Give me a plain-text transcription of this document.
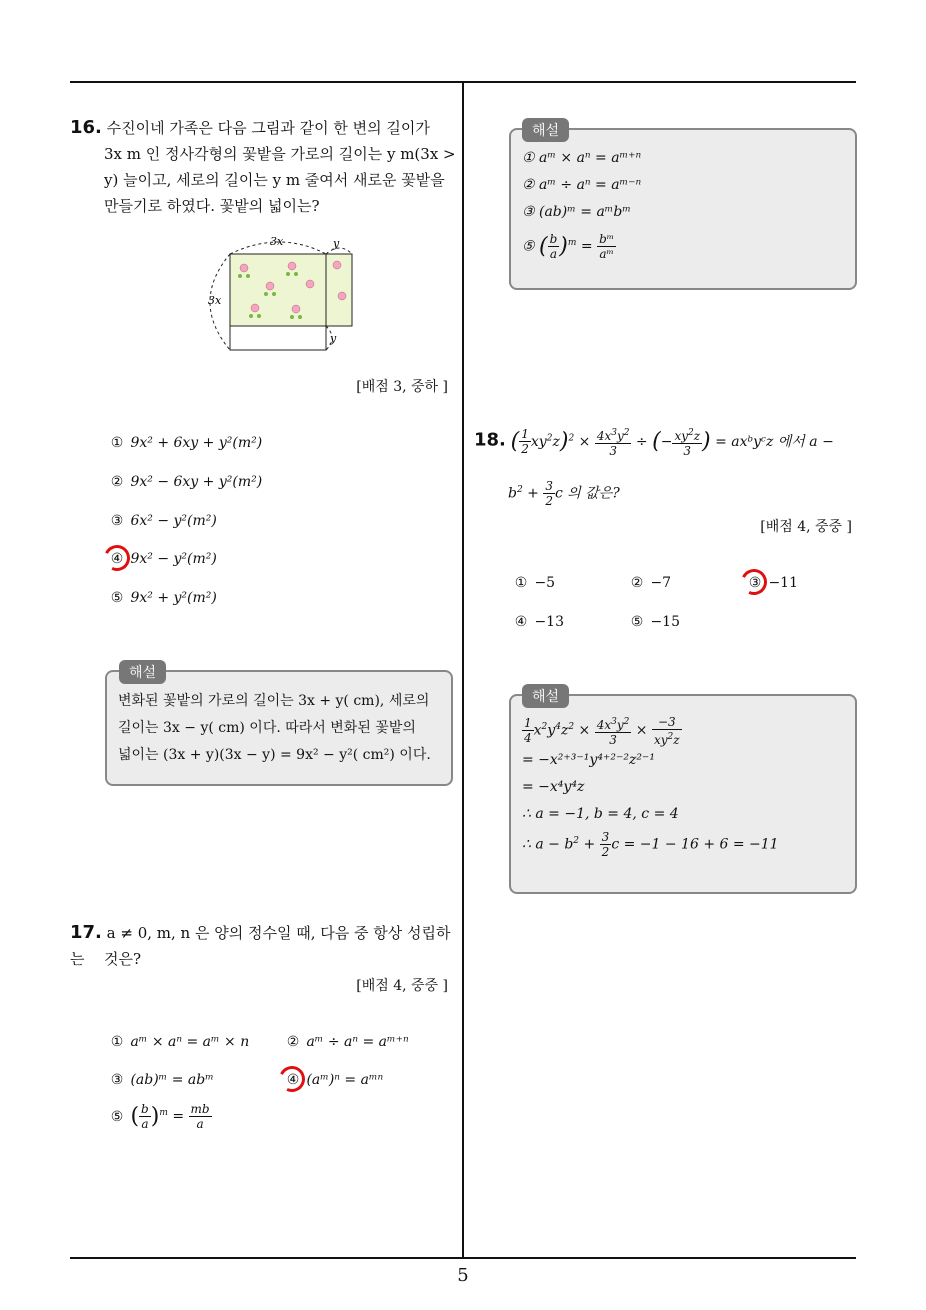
16. 수진이네 가족은 다음 그림과 같이 한 변의 길이가
3x m 인 정사각형의 꽃밭을 가로의 길이는 y m(3x >
y) 늘이고, 세로의 길이는 y m 줄여서 새로운 꽃밭을
만들기로 하였다. 꽃밭의 넓이는?
3x	y
3x
y
[배점 3, 중하 ]
① 9x² + 6xy + y²(m²)
② 9x² − 6xy + y²(m²)
③ 6x² − y²(m²)
④ 9x² − y²(m²)
⑤ 9x² + y²(m²)
해설
변화된 꽃밭의 가로의 길이는 3x + y( cm), 세로의
길이는 3x − y( cm) 이다. 따라서 변화된 꽃밭의
넓이는 (3x + y)(3x − y) = 9x² − y²( cm²) 이다.
17. a ≠ 0, m, n 은 양의 정수일 때, 다음 중 항상 성립하는	것은?
[배점 4, 중중 ]
① aᵐ × aⁿ = aᵐ × n	② aᵐ ÷ aⁿ = aᵐ⁺ⁿ
③ (ab)ᵐ = abᵐ	④ (aᵐ)ⁿ = aᵐⁿ
⑤ ( $\frac{b}{a} )^m = \frac{mb}{a}$
해설
① aᵐ × aⁿ = aᵐ⁺ⁿ
② aᵐ ÷ aⁿ = aᵐ⁻ⁿ
③ (ab)ᵐ = aᵐbᵐ
⑤ ( $\frac{b}{a} )^m = \frac{\text{bᵐ}}{\text{aᵐ}}$
18. ( $\frac{1}{2} xy^2z)^2 \times \frac{4x^3y^2}{3}$ ÷ (− $\frac{xy^2z}{3}$ ) = axᵇyᶜz 에서 a −
$b^2 + \frac{3}{2}$ c 의 값은?
[배점 4, 중중 ]
① −5	② −7	③ −11
④ −13	⑤ −15
해설
$\frac{1}{4} x^2y^4z^2 \times \frac{4x^3y^2}{3} \times \frac{-3}{xy^2z}$
= −x²⁺³⁻¹y⁴⁺²⁻²z²⁻¹
= −x⁴y⁴z
∴ a = −1, b = 4, c = 4
∴ $a - b^2 + \frac{3}{2}$ c = −1 − 16 + 6 = −11
5
